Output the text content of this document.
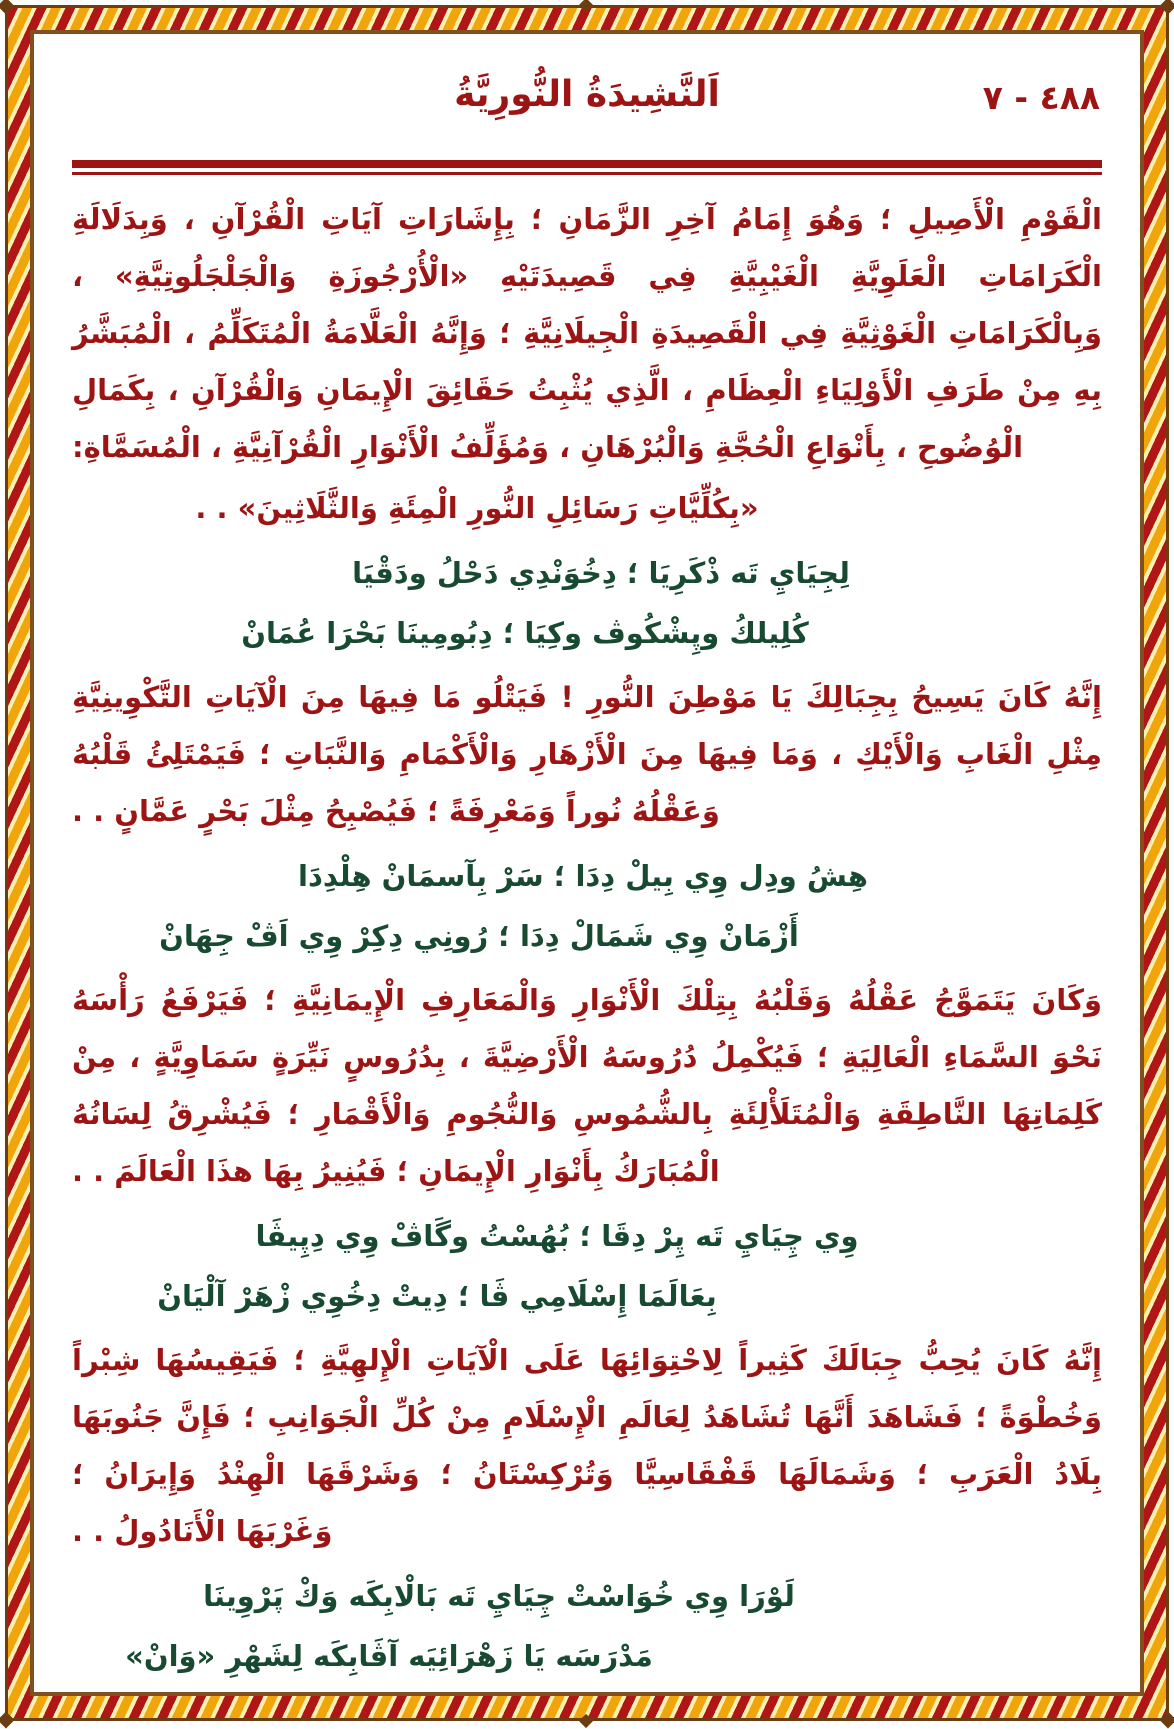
٤٨٨ - ٧
اَلنَّشِيدَةُ النُّورِيَّةُ

الْقَوْمِ الْأَصِيلِ ؛ وَهُوَ إِمَامُ آخِرِ الزَّمَانِ ؛ بِإِشَارَاتِ آيَاتِ الْقُرْآنِ ، وَبِدَلَالَةِ الْكَرَامَاتِ الْعَلَوِيَّةِ الْغَيْبِيَّةِ فِي قَصِيدَتَيْهِ «الْأُرْجُوزَةِ وَالْجَلْجَلُوتِيَّةِ» ، وَبِالْكَرَامَاتِ الْغَوْثِيَّةِ فِي الْقَصِيدَةِ الْجِيلَانِيَّةِ ؛ وَإِنَّهُ الْعَلَّامَةُ الْمُتَكَلِّمُ ، الْمُبَشَّرُ بِهِ مِنْ طَرَفِ الْأَوْلِيَاءِ الْعِظَامِ ، الَّذِي يُثْبِتُ حَقَائِقَ الْإِيمَانِ وَالْقُرْآنِ ، بِكَمَالِ الْوُضُوحِ ، بِأَنْوَاعِ الْحُجَّةِ وَالْبُرْهَانِ ، وَمُؤَلِّفُ الْأَنْوَارِ الْقُرْآنِيَّةِ ، الْمُسَمَّاةِ:

«بِكُلِّيَّاتِ رَسَائِلِ النُّورِ الْمِئَةِ وَالثَّلَاثِينَ» . .
لِجِيَايِ تَه ذْكَرِيَا ؛ دِخُوَنْدِي دَحْلُ ودَقْيَا
كُلِيلكُ وپِشْكُوڤ وكِيَا ؛ دِبُومِينَا بَحْرَا عُمَانْ

إِنَّهُ كَانَ يَسِيحُ بِجِبَالِكَ يَا مَوْطِنَ النُّورِ ! فَيَتْلُو مَا فِيهَا مِنَ الْآيَاتِ التَّكْوِينِيَّةِ مِثْلِ الْغَابِ وَالْأَيْكِ ، وَمَا فِيهَا مِنَ الْأَزْهَارِ وَالْأَكْمَامِ وَالنَّبَاتِ ؛ فَيَمْتَلِئُ قَلْبُهُ وَعَقْلُهُ نُوراً وَمَعْرِفَةً ؛ فَيُصْبِحُ مِثْلَ بَحْرٍ عَمَّانٍ . .

هِشُ ودِل وِي بِيلْ دِدَا ؛ سَرْ بِآسمَانْ هِلْدِدَا
أَزْمَانْ وِي شَمَالْ دِدَا ؛ رُونِي دِكِرْ وِي اَڤْ جِهَانْ

وَكَانَ يَتَمَوَّجُ عَقْلُهُ وَقَلْبُهُ بِتِلْكَ الْأَنْوَارِ وَالْمَعَارِفِ الْإِيمَانِيَّةِ ؛ فَيَرْفَعُ رَأْسَهُ نَحْوَ السَّمَاءِ الْعَالِيَةِ ؛ فَيُكْمِلُ دُرُوسَهُ الْأَرْضِيَّةَ ، بِدُرُوسٍ نَيِّرَةٍ سَمَاوِيَّةٍ ، مِنْ كَلِمَاتِهَا النَّاطِقَةِ وَالْمُتَلَأْلِئَةِ بِالشُّمُوسِ وَالنُّجُومِ وَالْأَقْمَارِ ؛ فَيُشْرِقُ لِسَانُهُ الْمُبَارَكُ بِأَنْوَارِ الْإِيمَانِ ؛ فَيُنِيرُ بِهَا هذَا الْعَالَمَ . .

وِي چِيَايِ تَه پِرْ دِقَا ؛ بُهُسْتُ وگَاڤْ وِي دِپِيڤَا
بِعَالَمَا إِسْلَامِي ڤَا ؛ دِيتْ دِخُوِي زْهَرْ آلْيَانْ

إِنَّهُ كَانَ يُحِبُّ جِبَالَكَ كَثِيراً لِاحْتِوَائِهَا عَلَى الْآيَاتِ الْإِلهِيَّةِ ؛ فَيَقِيسُهَا شِبْراً وَخُطْوَةً ؛ فَشَاهَدَ أَنَّهَا تُشَاهَدُ لِعَالَمِ الْإِسْلَامِ مِنْ كُلِّ الْجَوَانِبِ ؛ فَإِنَّ جَنُوبَهَا بِلَادُ الْعَرَبِ ؛ وَشَمَالَهَا قَفْقَاسِيَّا وَتُرْكِسْتَانُ ؛ وَشَرْقَهَا الْهِنْدُ وَإِيرَانُ ؛ وَغَرْبَهَا الْأَنَادُولُ . .

لَوْرَا وِي خُوَاسْتْ چِيَايِ تَه بَالْابِكَه وَكْ پَرْوِينَا
مَدْرَسَه يَا زَهْرَائِيَه آڤَابِكَه لِشَهْرِ «وَانْ»
